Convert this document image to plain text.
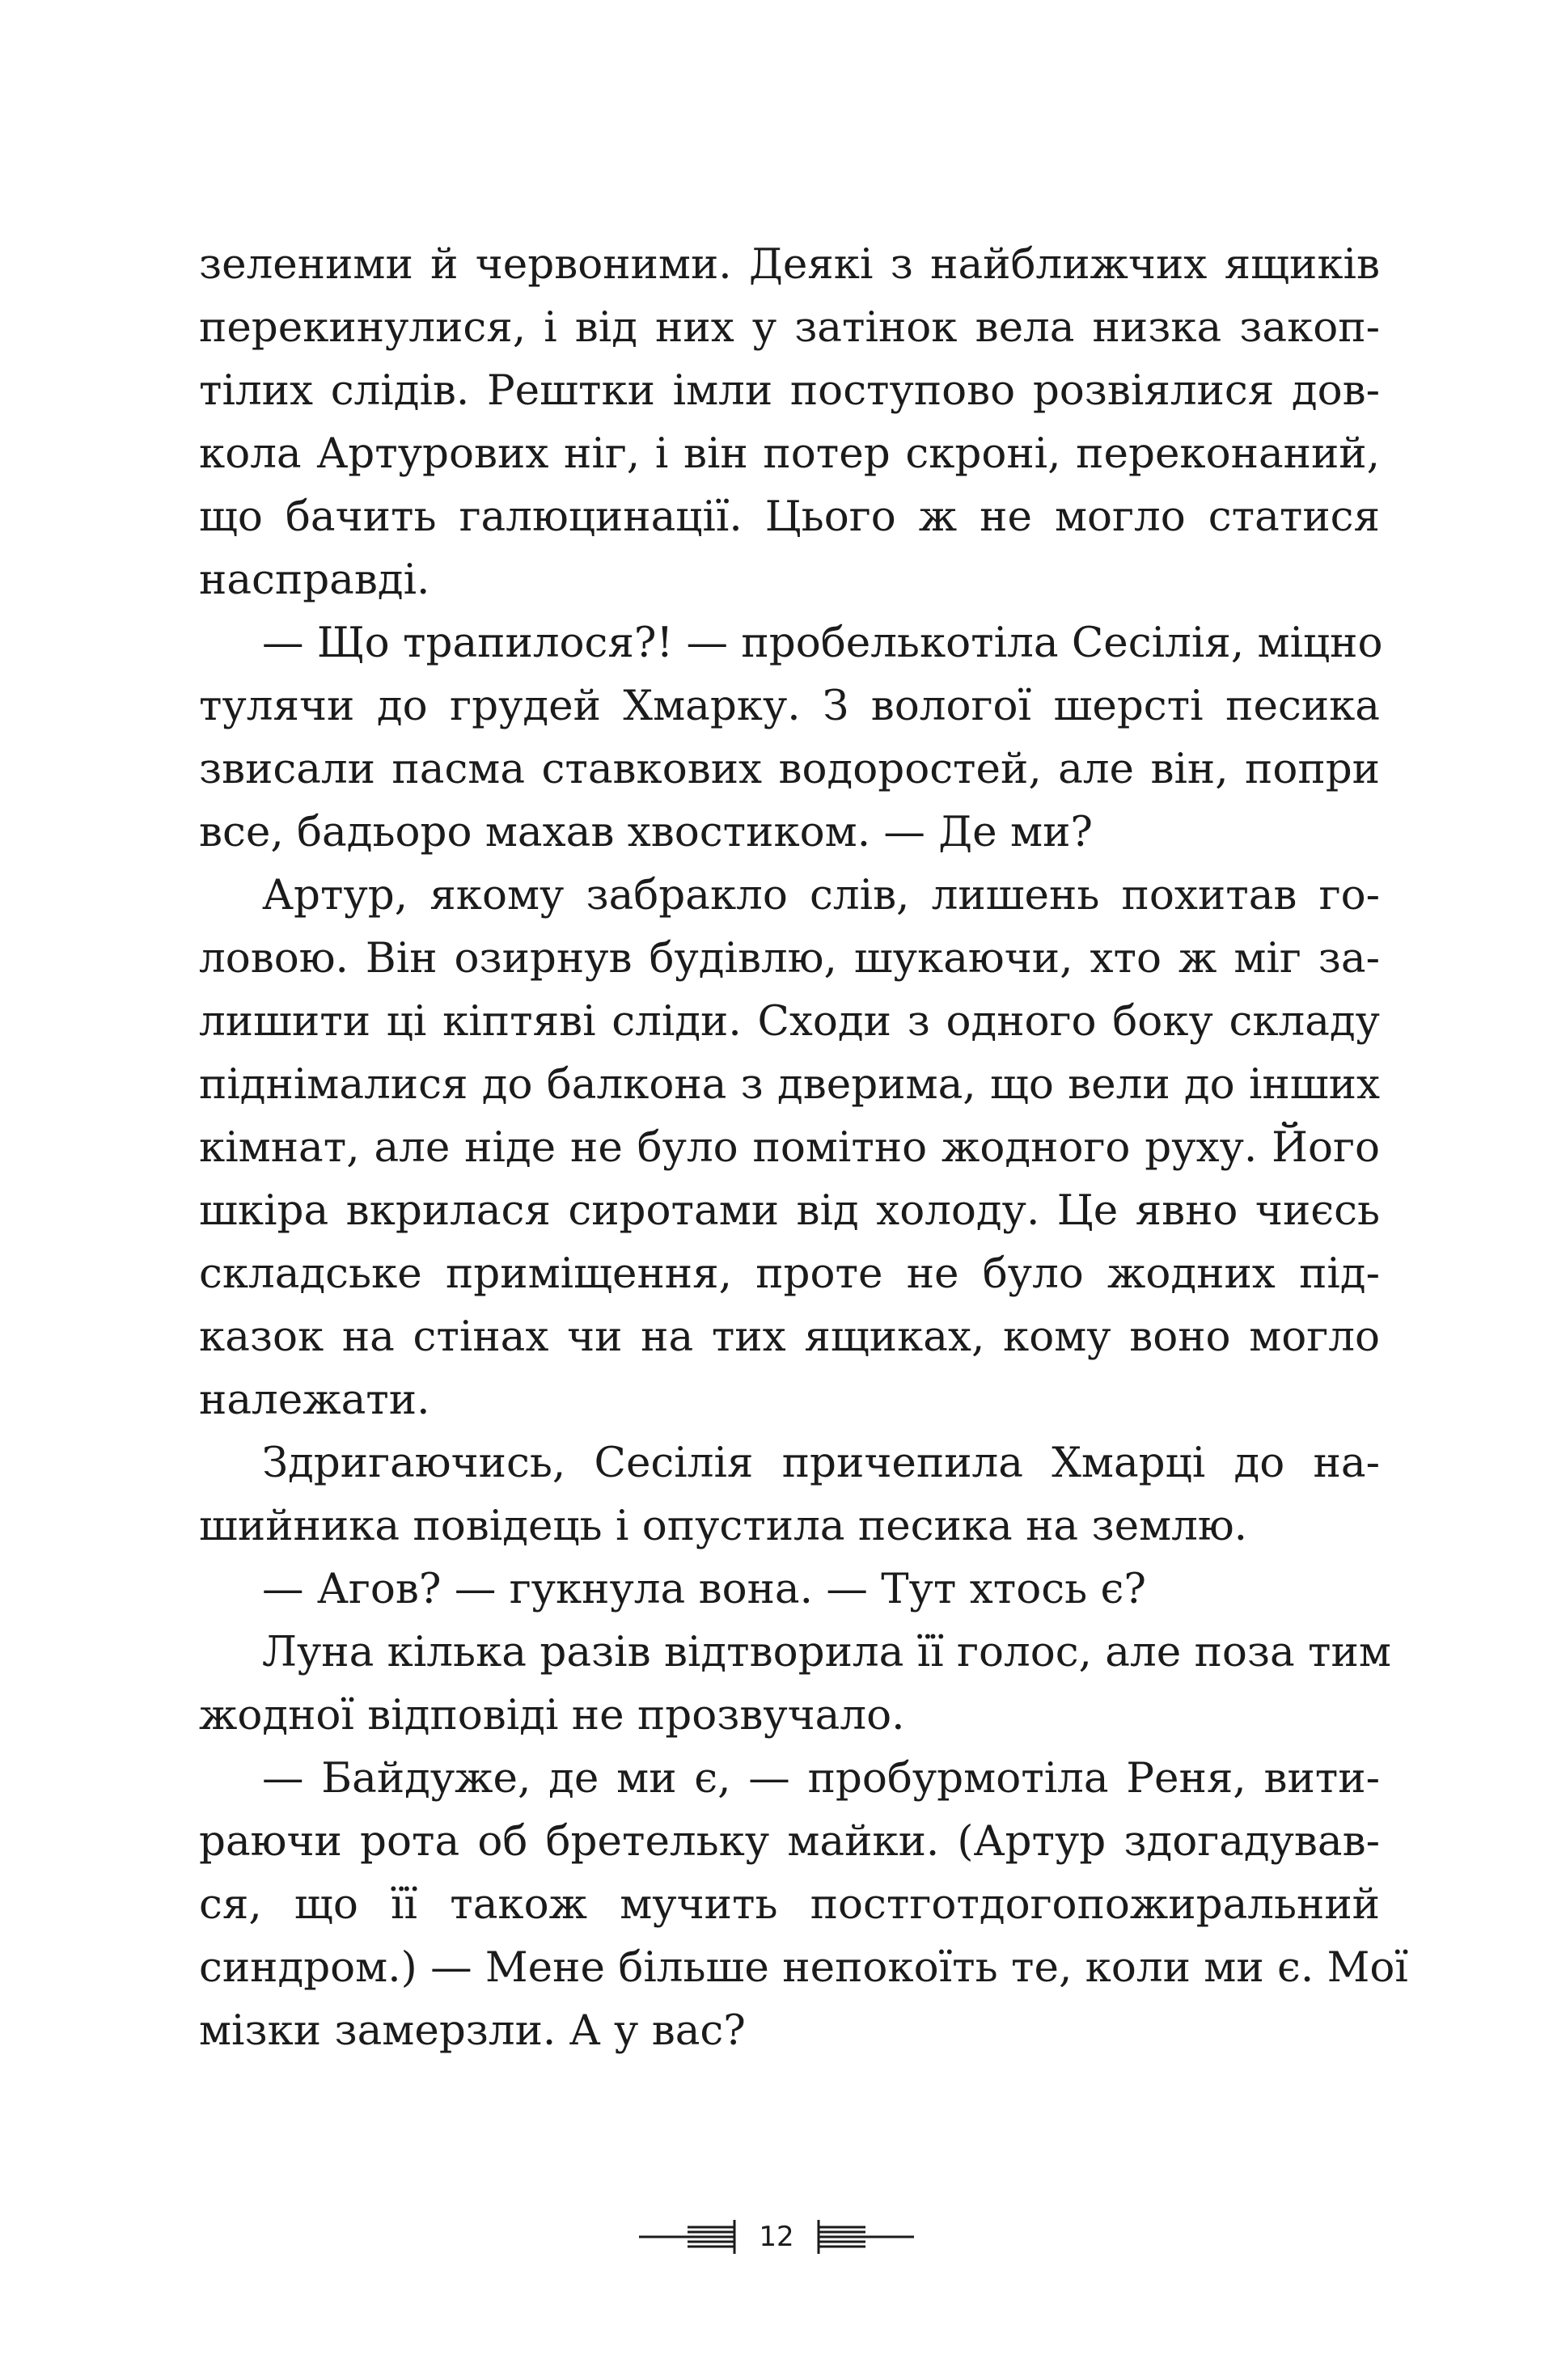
зеленими й червоними. Деякі з найближчих ящиків
перекинулися, і від них у затінок вела низка закоп-
тілих слідів. Рештки імли поступово розвіялися дов-
кола Артурових ніг, і він потер скроні, переконаний,
що бачить галюцинації. Цього ж не могло статися
насправді.
— Що трапилося?! — пробелькотіла Сесілія, міцно
тулячи до грудей Хмарку. З вологої шерсті песика
звисали пасма ставкових водоростей, але він, попри
все, бадьоро махав хвостиком. — Де ми?
Артур, якому забракло слів, лишень похитав го-
ловою. Він озирнув будівлю, шукаючи, хто ж міг за-
лишити ці кіптяві сліди. Сходи з одного боку складу
піднімалися до балкона з дверима, що вели до інших
кімнат, але ніде не було помітно жодного руху. Його
шкіра вкрилася сиротами від холоду. Це явно чиєсь
складське приміщення, проте не було жодних під-
казок на стінах чи на тих ящиках, кому воно могло
належати.
Здригаючись, Сесілія причепила Хмарці до на-
шийника повідець і опустила песика на землю.
— Агов? — гукнула вона. — Тут хтось є?
Луна кілька разів відтворила її голос, але поза тим
жодної відповіді не прозвучало.
— Байдуже, де ми є, — пробурмотіла Реня, вити-
раючи рота об бретельку майки. (Артур здогадував-
ся, що її також мучить постготдогопожиральний
синдром.) — Мене більше непокоїть те, коли ми є. Мої
мізки замерзли. А у вас?
12
